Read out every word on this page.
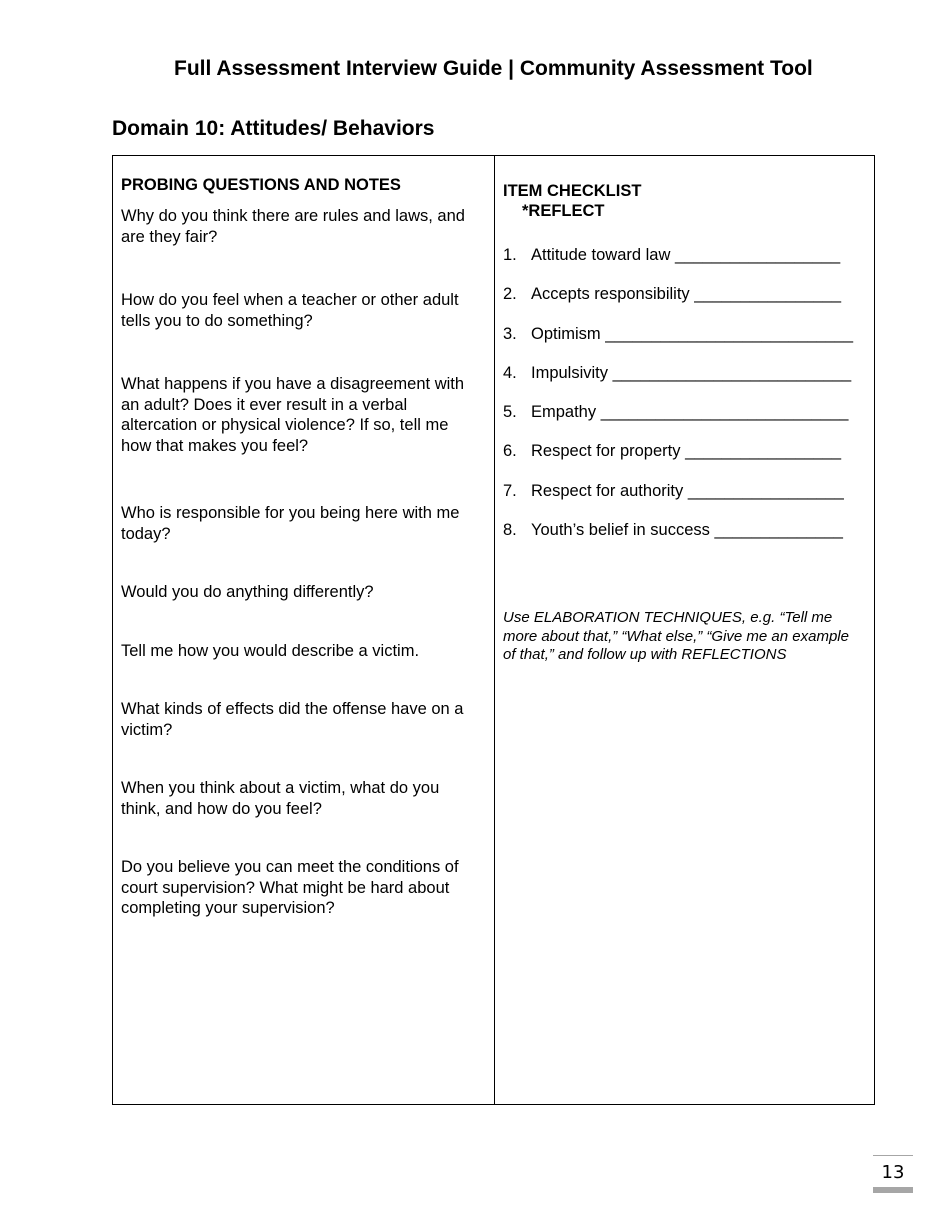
Full Assessment Interview Guide | Community Assessment Tool
Domain 10: Attitudes/ Behaviors
PROBING QUESTIONS AND NOTES

Why do you think there are rules and laws, and are they fair?

How do you feel when a teacher or other adult tells you to do something?

What happens if you have a disagreement with an adult? Does it ever result in a verbal altercation or physical violence? If so, tell me how that makes you feel?

Who is responsible for you being here with me today?

Would you do anything differently?

Tell me how you would describe a victim.

What kinds of effects did the offense have on a victim?

When you think about a victim, what do you think, and how do you feel?

Do you believe you can meet the conditions of court supervision? What might be hard about completing your supervision?

ITEM CHECKLIST
*REFLECT
1. Attitude toward law __________________
2. Accepts responsibility ________________
3. Optimism ___________________________
4. Impulsivity __________________________
5. Empathy ___________________________
6. Respect for property _________________
7. Respect for authority _________________
8. Youth’s belief in success ______________
Use ELABORATION TECHNIQUES, e.g. “Tell me more about that,” “What else,” “Give me an example of that,” and follow up with REFLECTIONS
13
